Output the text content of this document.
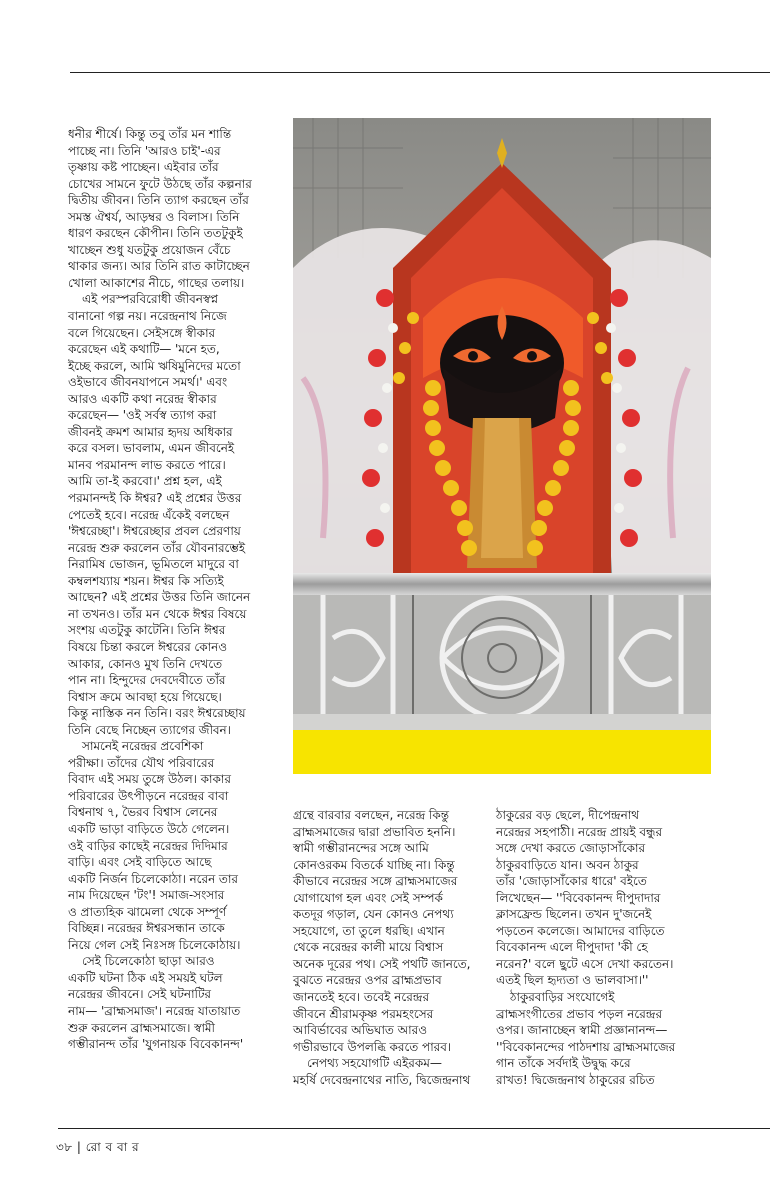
ধনীর শীর্ষে। কিন্তু তবু তাঁর মন শান্তি

পাচ্ছে না। তিনি 'আরও চাই'-এর

তৃষ্ণায় কষ্ট পাচ্ছেন। এইবার তাঁর

চোখের সামনে ফুটে উঠছে তাঁর কল্পনার

দ্বিতীয় জীবন। তিনি ত্যাগ করছেন তাঁর

সমস্ত ঐশ্বর্য, আড়ম্বর ও বিলাস। তিনি

ধারণ করছেন কৌপীন। তিনি ততটুকুই

খাচ্ছেন শুধু যতটুকু প্রয়োজন বেঁচে

থাকার জন্য। আর তিনি রাত কাটাচ্ছেন

খোলা আকাশের নীচে, গাছের তলায়।

এই পরস্পরবিরোধী জীবনস্বপ্ন

বানানো গল্প নয়। নরেন্দ্রনাথ নিজে

বলে গিয়েছেন। সেইসঙ্গে স্বীকার

করেছেন এই কথাটি— 'মনে হত,

ইচ্ছে করলে, আমি ঋষিমুনিদের মতো

ওইভাবে জীবনযাপনে সমর্থ।' এবং

আরও একটি কথা নরেন্দ্র স্বীকার

করেছেন— 'ওই সর্বস্ব ত্যাগ করা

জীবনই ক্রমশ আমার হৃদয় অধিকার

করে বসল। ভাবলাম, এমন জীবনেই

মানব পরমানন্দ লাভ করতে পারে।

আমি তা-ই করবো।' প্রশ্ন হল, এই

পরমানন্দই কি ঈশ্বর? এই প্রশ্নের উত্তর

পেতেই হবে। নরেন্দ্র এঁকেই বলছেন

'ঈশ্বরেচ্ছা'। ঈশ্বরেচ্ছার প্রবল প্রেরণায়

নরেন্দ্র শুরু করলেন তাঁর যৌবনারম্ভেই

নিরামিষ ভোজন, ভূমিতলে মাদুরে বা

কম্বলশয্যায় শয়ন। ঈশ্বর কি সত্যিই

আছেন? এই প্রশ্নের উত্তর তিনি জানেন

না তখনও। তাঁর মন থেকে ঈশ্বর বিষয়ে

সংশয় এতটুকু কাটেনি। তিনি ঈশ্বর

বিষয়ে চিন্তা করলে ঈশ্বরের কোনও

আকার, কোনও মুখ তিনি দেখতে

পান না। হিন্দুদের দেবদেবীতে তাঁর

বিশ্বাস ক্রমে আবছা হয়ে গিয়েছে।

কিন্তু নাস্তিক নন তিনি। বরং ঈশ্বরেচ্ছায়

তিনি বেছে নিচ্ছেন ত্যাগের জীবন।

সামনেই নরেন্দ্রর প্রবেশিকা

পরীক্ষা। তাঁদের যৌথ পরিবারের

বিবাদ এই সময় তুঙ্গে উঠল। কাকার

পরিবারের উৎপীড়নে নরেন্দ্রর বাবা

বিশ্বনাথ ৭, ভৈরব বিশ্বাস লেনের

একটি ভাড়া বাড়িতে উঠে গেলেন।

ওই বাড়ির কাছেই নরেন্দ্রর দিদিমার

বাড়ি। এবং সেই বাড়িতে আছে

একটি নির্জন চিলেকোঠা। নরেন তার

নাম দিয়েছেন 'টং'! সমাজ-সংসার

ও প্রাত্যহিক ঝামেলা থেকে সম্পূর্ণ

বিচ্ছিন্ন। নরেন্দ্রর ঈশ্বরসন্ধান তাকে

নিয়ে গেল সেই নিঃসঙ্গ চিলেকোঠায়।

সেই চিলেকোঠা ছাড়া আরও

একটি ঘটনা ঠিক এই সময়ই ঘটল

নরেন্দ্রর জীবনে। সেই ঘটনাটির

নাম— 'ব্রাহ্মসমাজ'। নরেন্দ্র যাতায়াত

শুরু করলেন ব্রাহ্মসমাজে। স্বামী

গম্ভীরানন্দ তাঁর 'যুগনায়ক বিবেকানন্দ'

গ্রন্থে বারবার বলছেন, নরেন্দ্র কিন্তু

ব্রাহ্মসমাজের দ্বারা প্রভাবিত হননি।

স্বামী গম্ভীরানন্দের সঙ্গে আমি

কোনওরকম বিতর্কে যাচ্ছি না। কিন্তু

কীভাবে নরেন্দ্রর সঙ্গে ব্রাহ্মসমাজের

যোগাযোগ হল এবং সেই সম্পর্ক

কতদূর গড়াল, যেন কোনও নেপথ্য

সহযোগে, তা তুলে ধরছি। এখান

থেকে নরেন্দ্রর কালী মায়ে বিশ্বাস

অনেক দূরের পথ। সেই পথটি জানতে,

বুঝতে নরেন্দ্রর ওপর ব্রাহ্মপ্রভাব

জানতেই হবে। তবেই নরেন্দ্রর

জীবনে শ্রীরামকৃষ্ণ পরমহংসের

আবির্ভাবের অভিঘাত আরও

গভীরভাবে উপলব্ধি করতে পারব।

নেপথ্য সহযোগটি এইরকম—

মহর্ষি দেবেন্দ্রনাথের নাতি, দ্বিজেন্দ্রনাথ

ঠাকুরের বড় ছেলে, দীপেন্দ্রনাথ

নরেন্দ্রর সহপাঠী। নরেন্দ্র প্রায়ই বন্ধুর

সঙ্গে দেখা করতে জোড়াসাঁকোর

ঠাকুরবাড়িতে যান। অবন ঠাকুর

তাঁর 'জোড়াসাঁকোর ধারে' বইতে

লিখেছেন— ''বিবেকানন্দ দীপুদাদার

ক্লাসফ্রেন্ড ছিলেন। তখন দু'জনেই

পড়তেন কলেজে। আমাদের বাড়িতে

বিবেকানন্দ এলে দীপুদাদা 'কী হে

নরেন?' বলে ছুটে এসে দেখা করতেন।

এতই ছিল হৃদ্যতা ও ভালবাসা।''

ঠাকুরবাড়ির সংযোগেই

ব্রাহ্মসংগীতের প্রভাব পড়ল নরেন্দ্রর

ওপর। জানাচ্ছেন স্বামী প্রজ্ঞানানন্দ—

''বিবেকানন্দের পাঠদশায় ব্রাহ্মসমাজের

গান তাঁকে সর্বদাই উদ্বুদ্ধ করে

রাখত! দ্বিজেন্দ্রনাথ ঠাকুরের রচিত

৩৮ | রো ব বা র
